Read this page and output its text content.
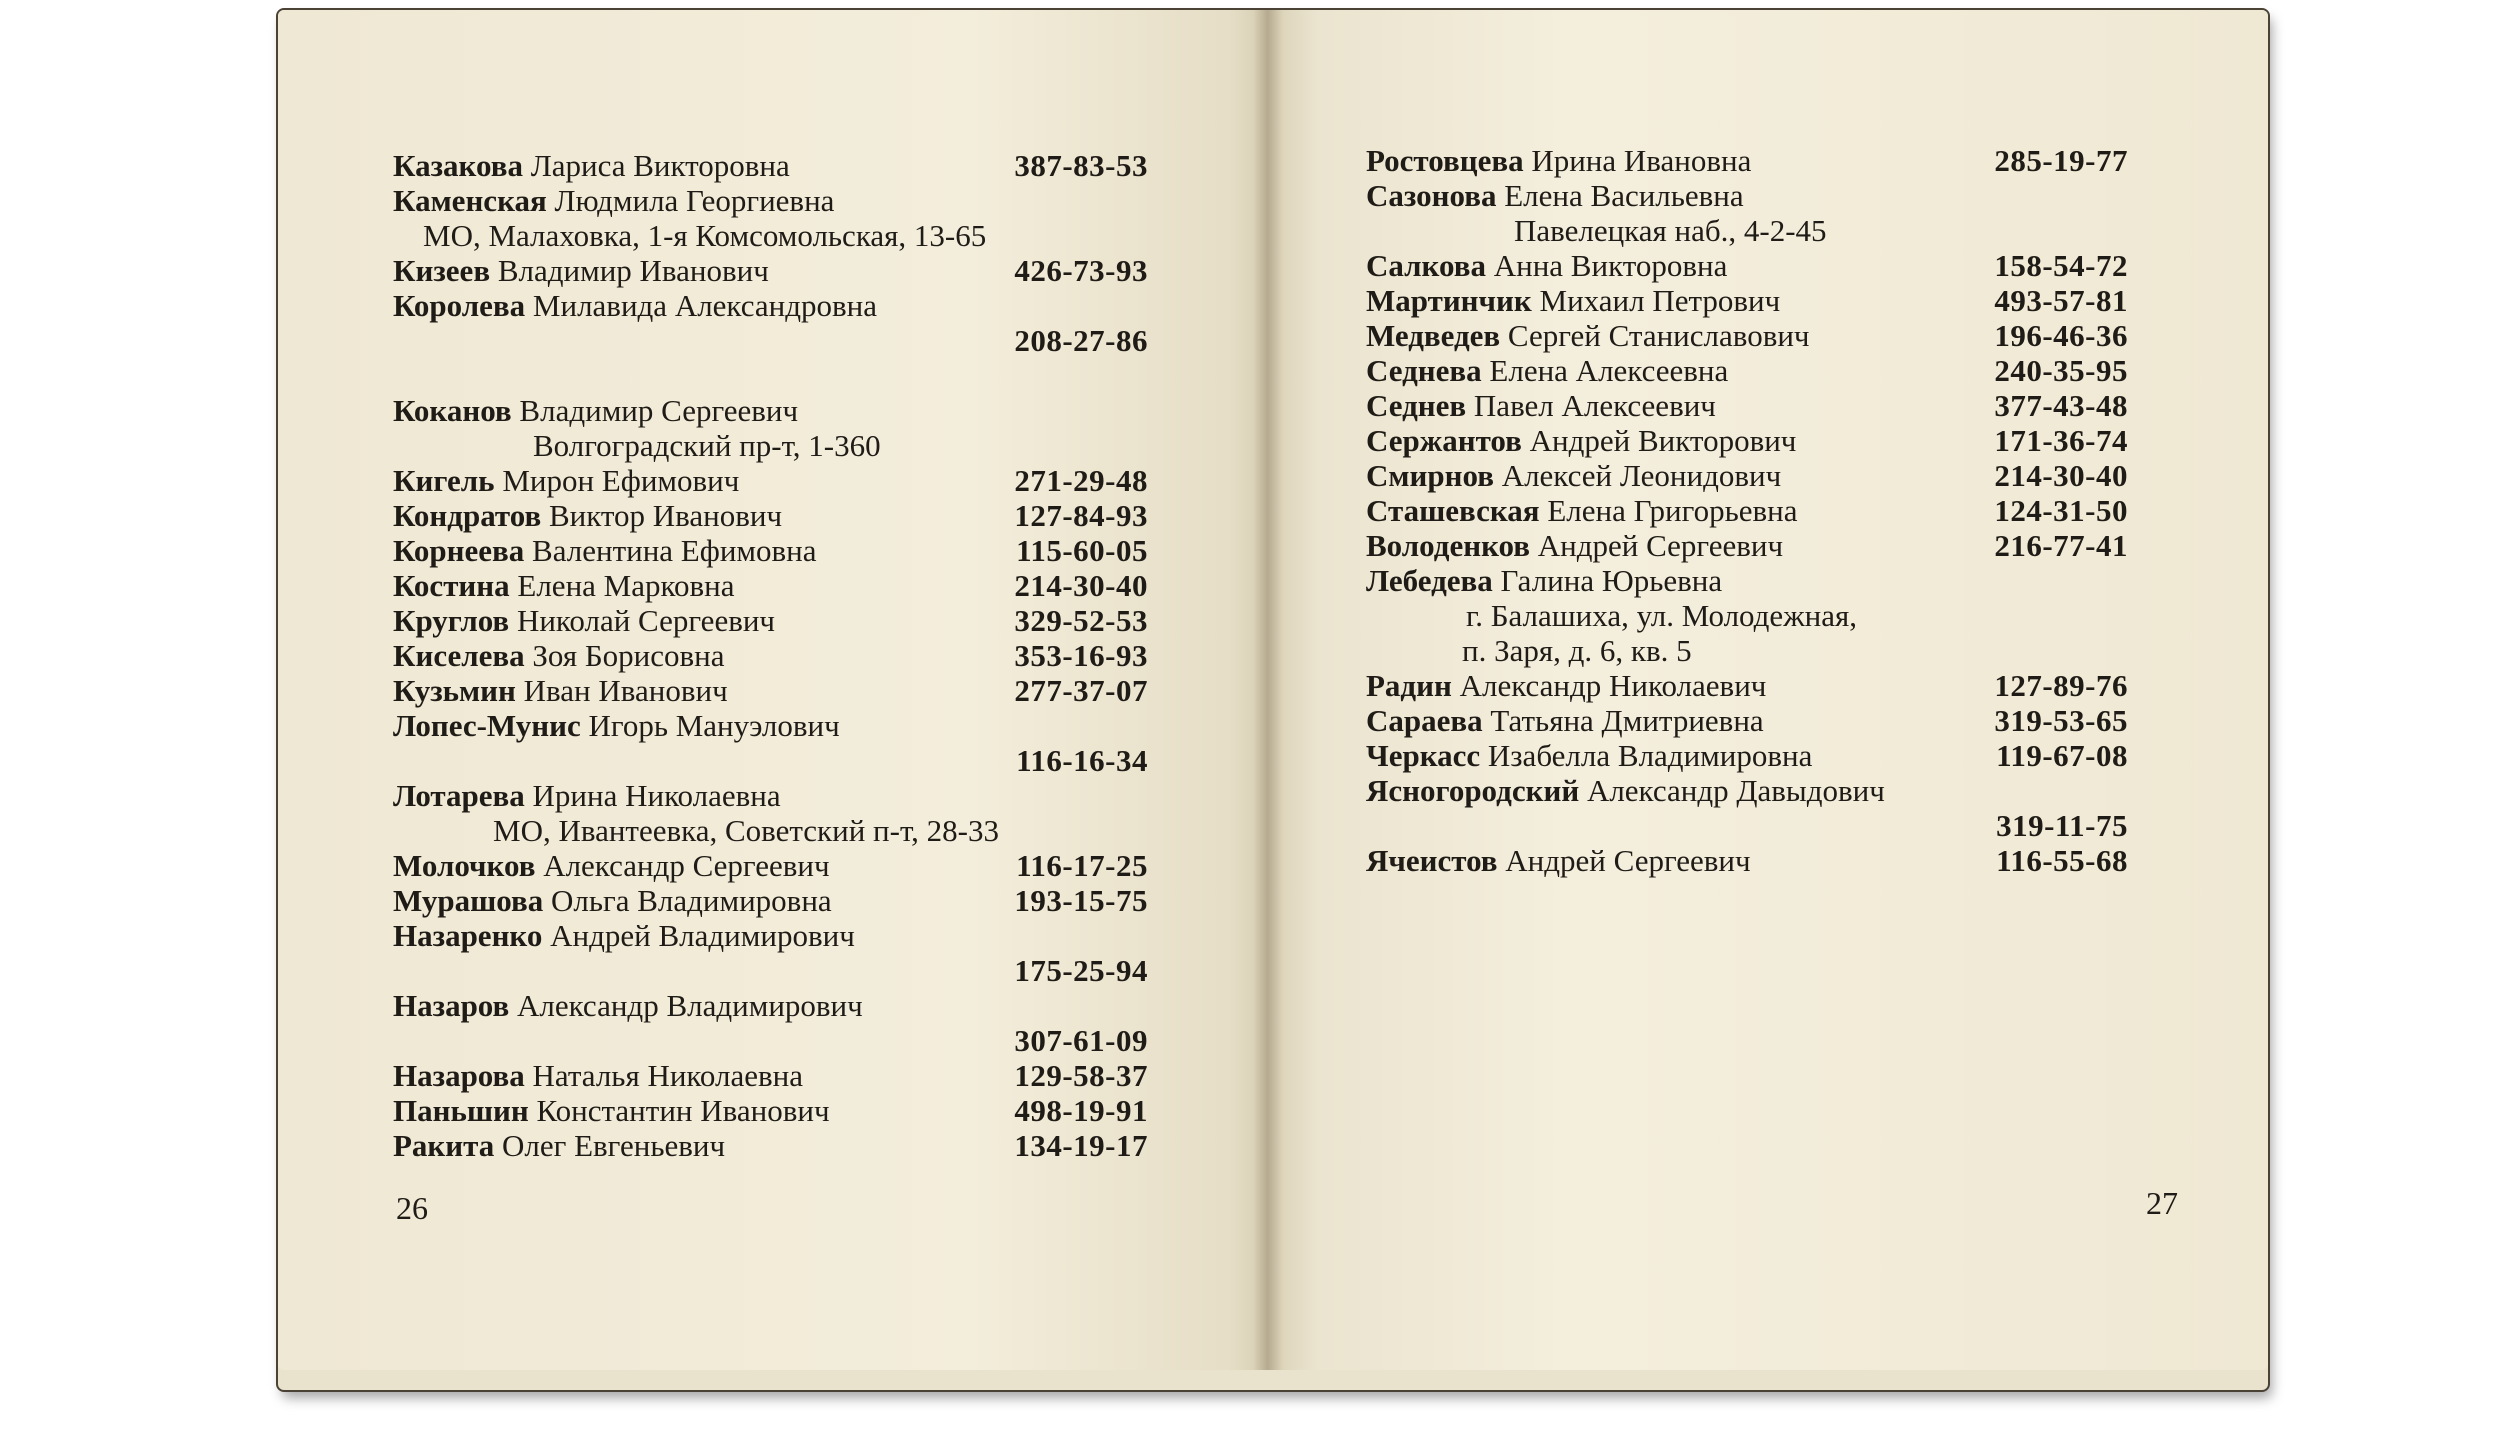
Казакова Лариса Викторовна	387-83-53
Каменская Людмила Георгиевна
МО, Малаховка, 1-я Комсомольская, 13-65
Кизеев Владимир Иванович	426-73-93
Королева Милавида Александровна
208-27-86
Коканов Владимир Сергеевич
Волгоградский пр-т, 1-360
Кигель Мирон Ефимович	271-29-48
Кондратов Виктор Иванович	127-84-93
Корнеева Валентина Ефимовна	115-60-05
Костина Елена Марковна	214-30-40
Круглов Николай Сергеевич	329-52-53
Киселева Зоя Борисовна	353-16-93
Кузьмин Иван Иванович	277-37-07
Лопес-Мунис Игорь Мануэлович
116-16-34
Лотарева Ирина Николаевна
МО, Ивантеевка, Советский п-т, 28-33
Молочков Александр Сергеевич	116-17-25
Мурашова Ольга Владимировна	193-15-75
Назаренко Андрей Владимирович
175-25-94
Назаров Александр Владимирович
307-61-09
Назарова Наталья Николаевна	129-58-37
Паньшин Константин Иванович	498-19-91
Ракита Олег Евгеньевич	134-19-17
26
Ростовцева Ирина Ивановна	285-19-77
Сазонова Елена Васильевна
Павелецкая наб., 4-2-45
Салкова Анна Викторовна	158-54-72
Мартинчик Михаил Петрович	493-57-81
Медведев Сергей Станиславович	196-46-36
Седнева Елена Алексеевна	240-35-95
Седнев Павел Алексеевич	377-43-48
Сержантов Андрей Викторович	171-36-74
Смирнов Алексей Леонидович	214-30-40
Сташевская Елена Григорьевна	124-31-50
Володенков Андрей Сергеевич	216-77-41
Лебедева Галина Юрьевна
г. Балашиха, ул. Молодежная,
п. Заря, д. 6, кв. 5
Радин Александр Николаевич	127-89-76
Сараева Татьяна Дмитриевна	319-53-65
Черкасс Изабелла Владимировна	119-67-08
Ясногородский Александр Давыдович
319-11-75
Ячеистов Андрей Сергеевич	116-55-68
27
